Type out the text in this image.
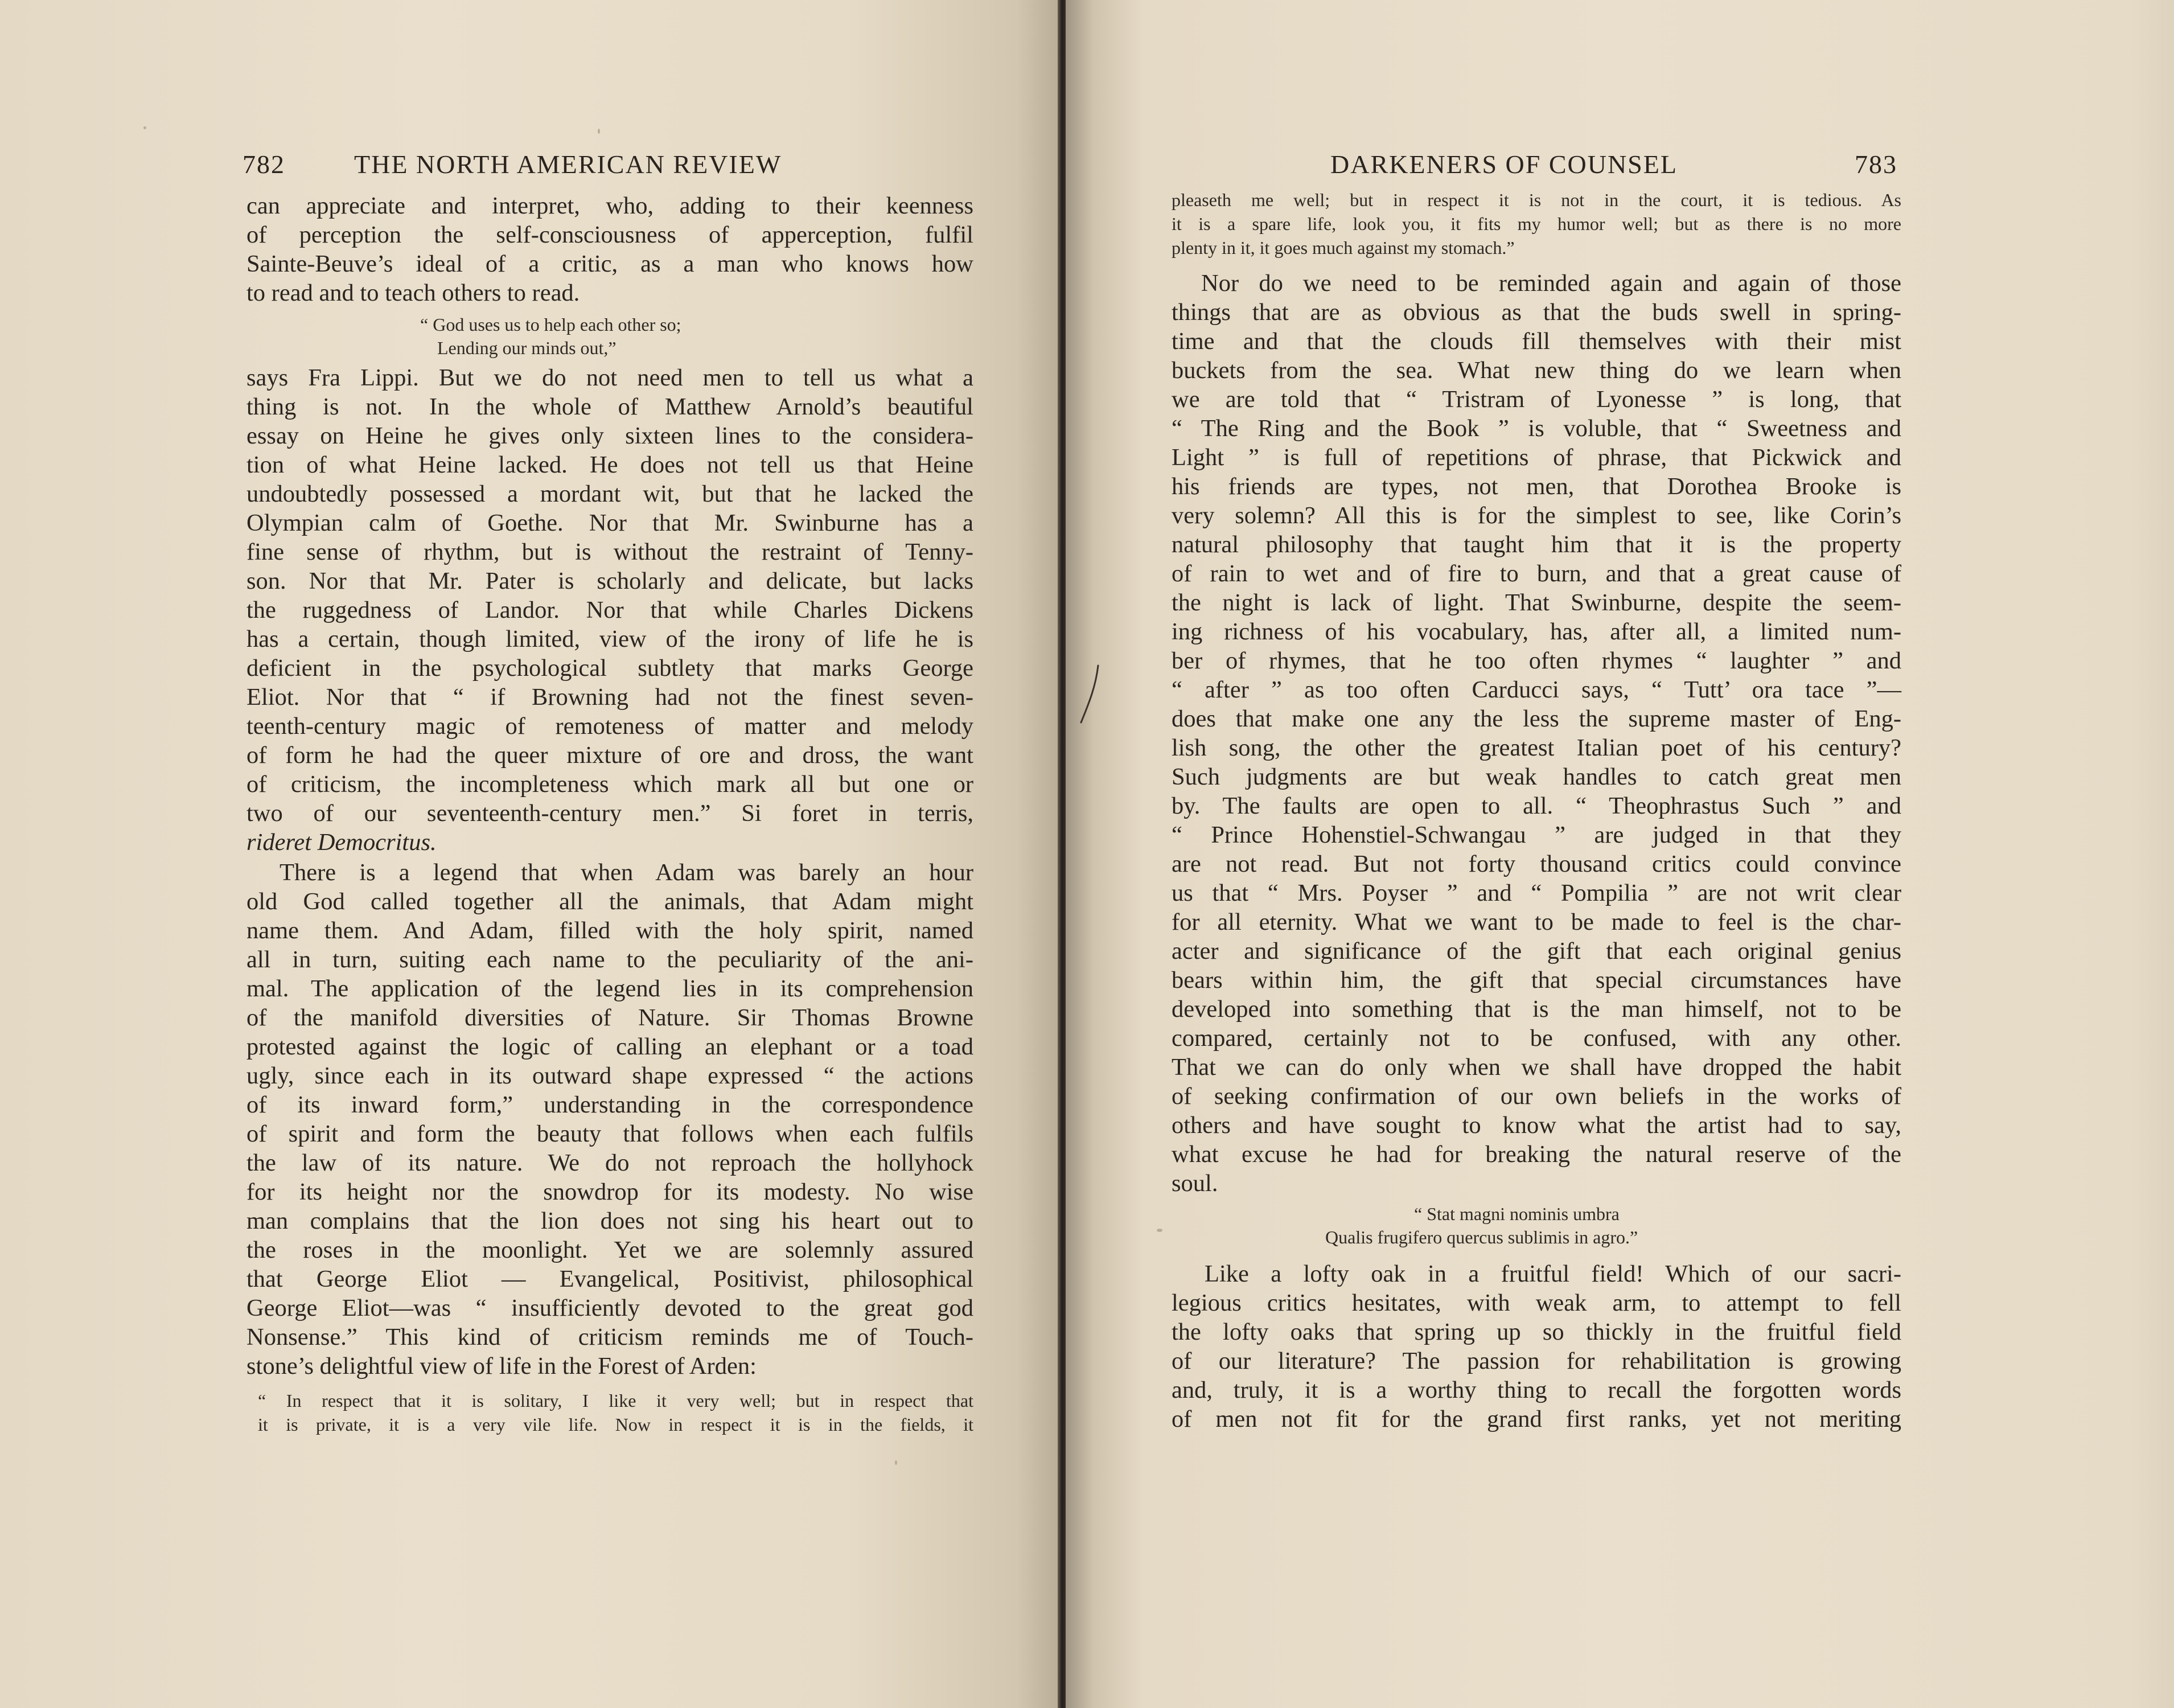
782	THE NORTH AMERICAN REVIEW

can appreciate and interpret, who, adding to their keenness
of perception the self-consciousness of apperception, fulfil
Sainte-Beuve’s ideal of a critic, as a man who knows how
to read and to teach others to read.

“ God uses us to help each other so;
Lending our minds out,”

says Fra Lippi. But we do not need men to tell us what a
thing is not. In the whole of Matthew Arnold’s beautiful
essay on Heine he gives only sixteen lines to the considera-
tion of what Heine lacked. He does not tell us that Heine
undoubtedly possessed a mordant wit, but that he lacked the
Olympian calm of Goethe. Nor that Mr. Swinburne has a
fine sense of rhythm, but is without the restraint of Tenny-
son. Nor that Mr. Pater is scholarly and delicate, but lacks
the ruggedness of Landor. Nor that while Charles Dickens
has a certain, though limited, view of the irony of life he is
deficient in the psychological subtlety that marks George
Eliot. Nor that “ if Browning had not the finest seven-
teenth-century magic of remoteness of matter and melody
of form he had the queer mixture of ore and dross, the want
of criticism, the incompleteness which mark all but one or
two of our seventeenth-century men.” Si foret in terris,
rideret Democritus.

There is a legend that when Adam was barely an hour
old God called together all the animals, that Adam might
name them. And Adam, filled with the holy spirit, named
all in turn, suiting each name to the peculiarity of the ani-
mal. The application of the legend lies in its comprehension
of the manifold diversities of Nature. Sir Thomas Browne
protested against the logic of calling an elephant or a toad
ugly, since each in its outward shape expressed “ the actions
of its inward form,” understanding in the correspondence
of spirit and form the beauty that follows when each fulfils
the law of its nature. We do not reproach the hollyhock
for its height nor the snowdrop for its modesty. No wise
man complains that the lion does not sing his heart out to
the roses in the moonlight. Yet we are solemnly assured
that George Eliot — Evangelical, Positivist, philosophical
George Eliot—was “ insufficiently devoted to the great god
Nonsense.” This kind of criticism reminds me of Touch-
stone’s delightful view of life in the Forest of Arden:

“ In respect that it is solitary, I like it very well; but in respect that
it is private, it is a very vile life. Now in respect it is in the fields, it
DARKENERS OF COUNSEL	783
pleaseth me well; but in respect it is not in the court, it is tedious. As
it is a spare life, look you, it fits my humor well; but as there is no more
plenty in it, it goes much against my stomach.”

Nor do we need to be reminded again and again of those
things that are as obvious as that the buds swell in spring-
time and that the clouds fill themselves with their mist
buckets from the sea. What new thing do we learn when
we are told that “ Tristram of Lyonesse ” is long, that
“ The Ring and the Book ” is voluble, that “ Sweetness and
Light ” is full of repetitions of phrase, that Pickwick and
his friends are types, not men, that Dorothea Brooke is
very solemn? All this is for the simplest to see, like Corin’s
natural philosophy that taught him that it is the property
of rain to wet and of fire to burn, and that a great cause of
the night is lack of light. That Swinburne, despite the seem-
ing richness of his vocabulary, has, after all, a limited num-
ber of rhymes, that he too often rhymes “ laughter ” and
“ after ” as too often Carducci says, “ Tutt’ ora tace ”—
does that make one any the less the supreme master of Eng-
lish song, the other the greatest Italian poet of his century?
Such judgments are but weak handles to catch great men
by. The faults are open to all. “ Theophrastus Such ” and
“ Prince Hohenstiel-Schwangau ” are judged in that they
are not read. But not forty thousand critics could convince
us that “ Mrs. Poyser ” and “ Pompilia ” are not writ clear
for all eternity. What we want to be made to feel is the char-
acter and significance of the gift that each original genius
bears within him, the gift that special circumstances have
developed into something that is the man himself, not to be
compared, certainly not to be confused, with any other.
That we can do only when we shall have dropped the habit
of seeking confirmation of our own beliefs in the works of
others and have sought to know what the artist had to say,
what excuse he had for breaking the natural reserve of the
soul.

“ Stat magni nominis umbra
Qualis frugifero quercus sublimis in agro.”

Like a lofty oak in a fruitful field! Which of our sacri-
legious critics hesitates, with weak arm, to attempt to fell
the lofty oaks that spring up so thickly in the fruitful field
of our literature? The passion for rehabilitation is growing
and, truly, it is a worthy thing to recall the forgotten words
of men not fit for the grand first ranks, yet not meriting
